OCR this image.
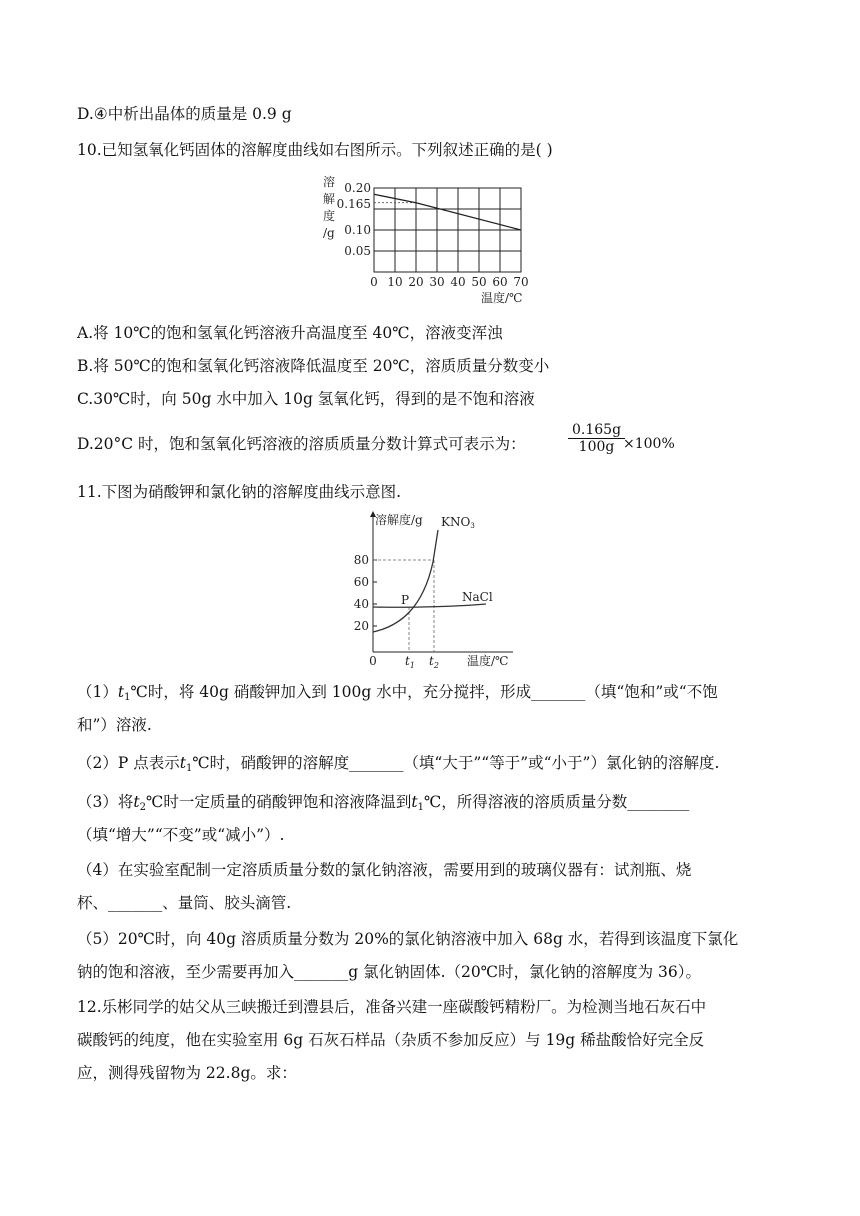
D.④中析出晶体的质量是 0.9 g
10.已知氢氧化钙固体的溶解度曲线如右图所示。下列叙述正确的是( )
溶
解
度
/g
0.20
0.165
0.10
0.05
0 10 20 30 40 50 60 70
温度/℃
A.将 10℃的饱和氢氧化钙溶液升高温度至 40℃，溶液变浑浊
B.将 50℃的饱和氢氧化钙溶液降低温度至 20℃，溶质质量分数变小
C.30℃时，向 50g 水中加入 10g 氢氧化钙，得到的是不饱和溶液
D.20°C 时，饱和氢氧化钙溶液的溶质质量分数计算式可表示为：	$\frac{0.165g}{100g}$
×100%
11.下图为硝酸钾和氯化钠的溶解度曲线示意图.
溶解度/g
80
60
40
20
0 $t_1$ $t_2$ 温度/℃
KNO3
NaCl
P
$(1)t_1℃$时，将 40g 硝酸钾加入到 100g 水中，充分搅拌，形成_______（填“饱和”或“不饱
和”）溶液.
（2）P 点表示$t_1℃$时，硝酸钾的溶解度_______（填“大于”“等于”或“小于”）氯化钠的溶解度.
（3）将$t_2℃$时一定质量的硝酸钾饱和溶液降温到$t_1℃$，所得溶液的溶质质量分数________
（填“增大”“不变”或“减小”）.
（4）在实验室配制一定溶质质量分数的氯化钠溶液，需要用到的玻璃仪器有：试剂瓶、烧
杯、_______、量筒、胶头滴管.
（5）20℃时，向 40g 溶质质量分数为 20%的氯化钠溶液中加入 68g 水，若得到该温度下氯化
钠的饱和溶液，至少需要再加入_______g 氯化钠固体.（20℃时，氯化钠的溶解度为 36）。
12.乐彬同学的姑父从三峡搬迁到澧县后，准备兴建一座碳酸钙精粉厂。为检测当地石灰石中
碳酸钙的纯度，他在实验室用 6g 石灰石样品（杂质不参加反应）与 19g 稀盐酸恰好完全反
应，测得残留物为 22.8g。求：
